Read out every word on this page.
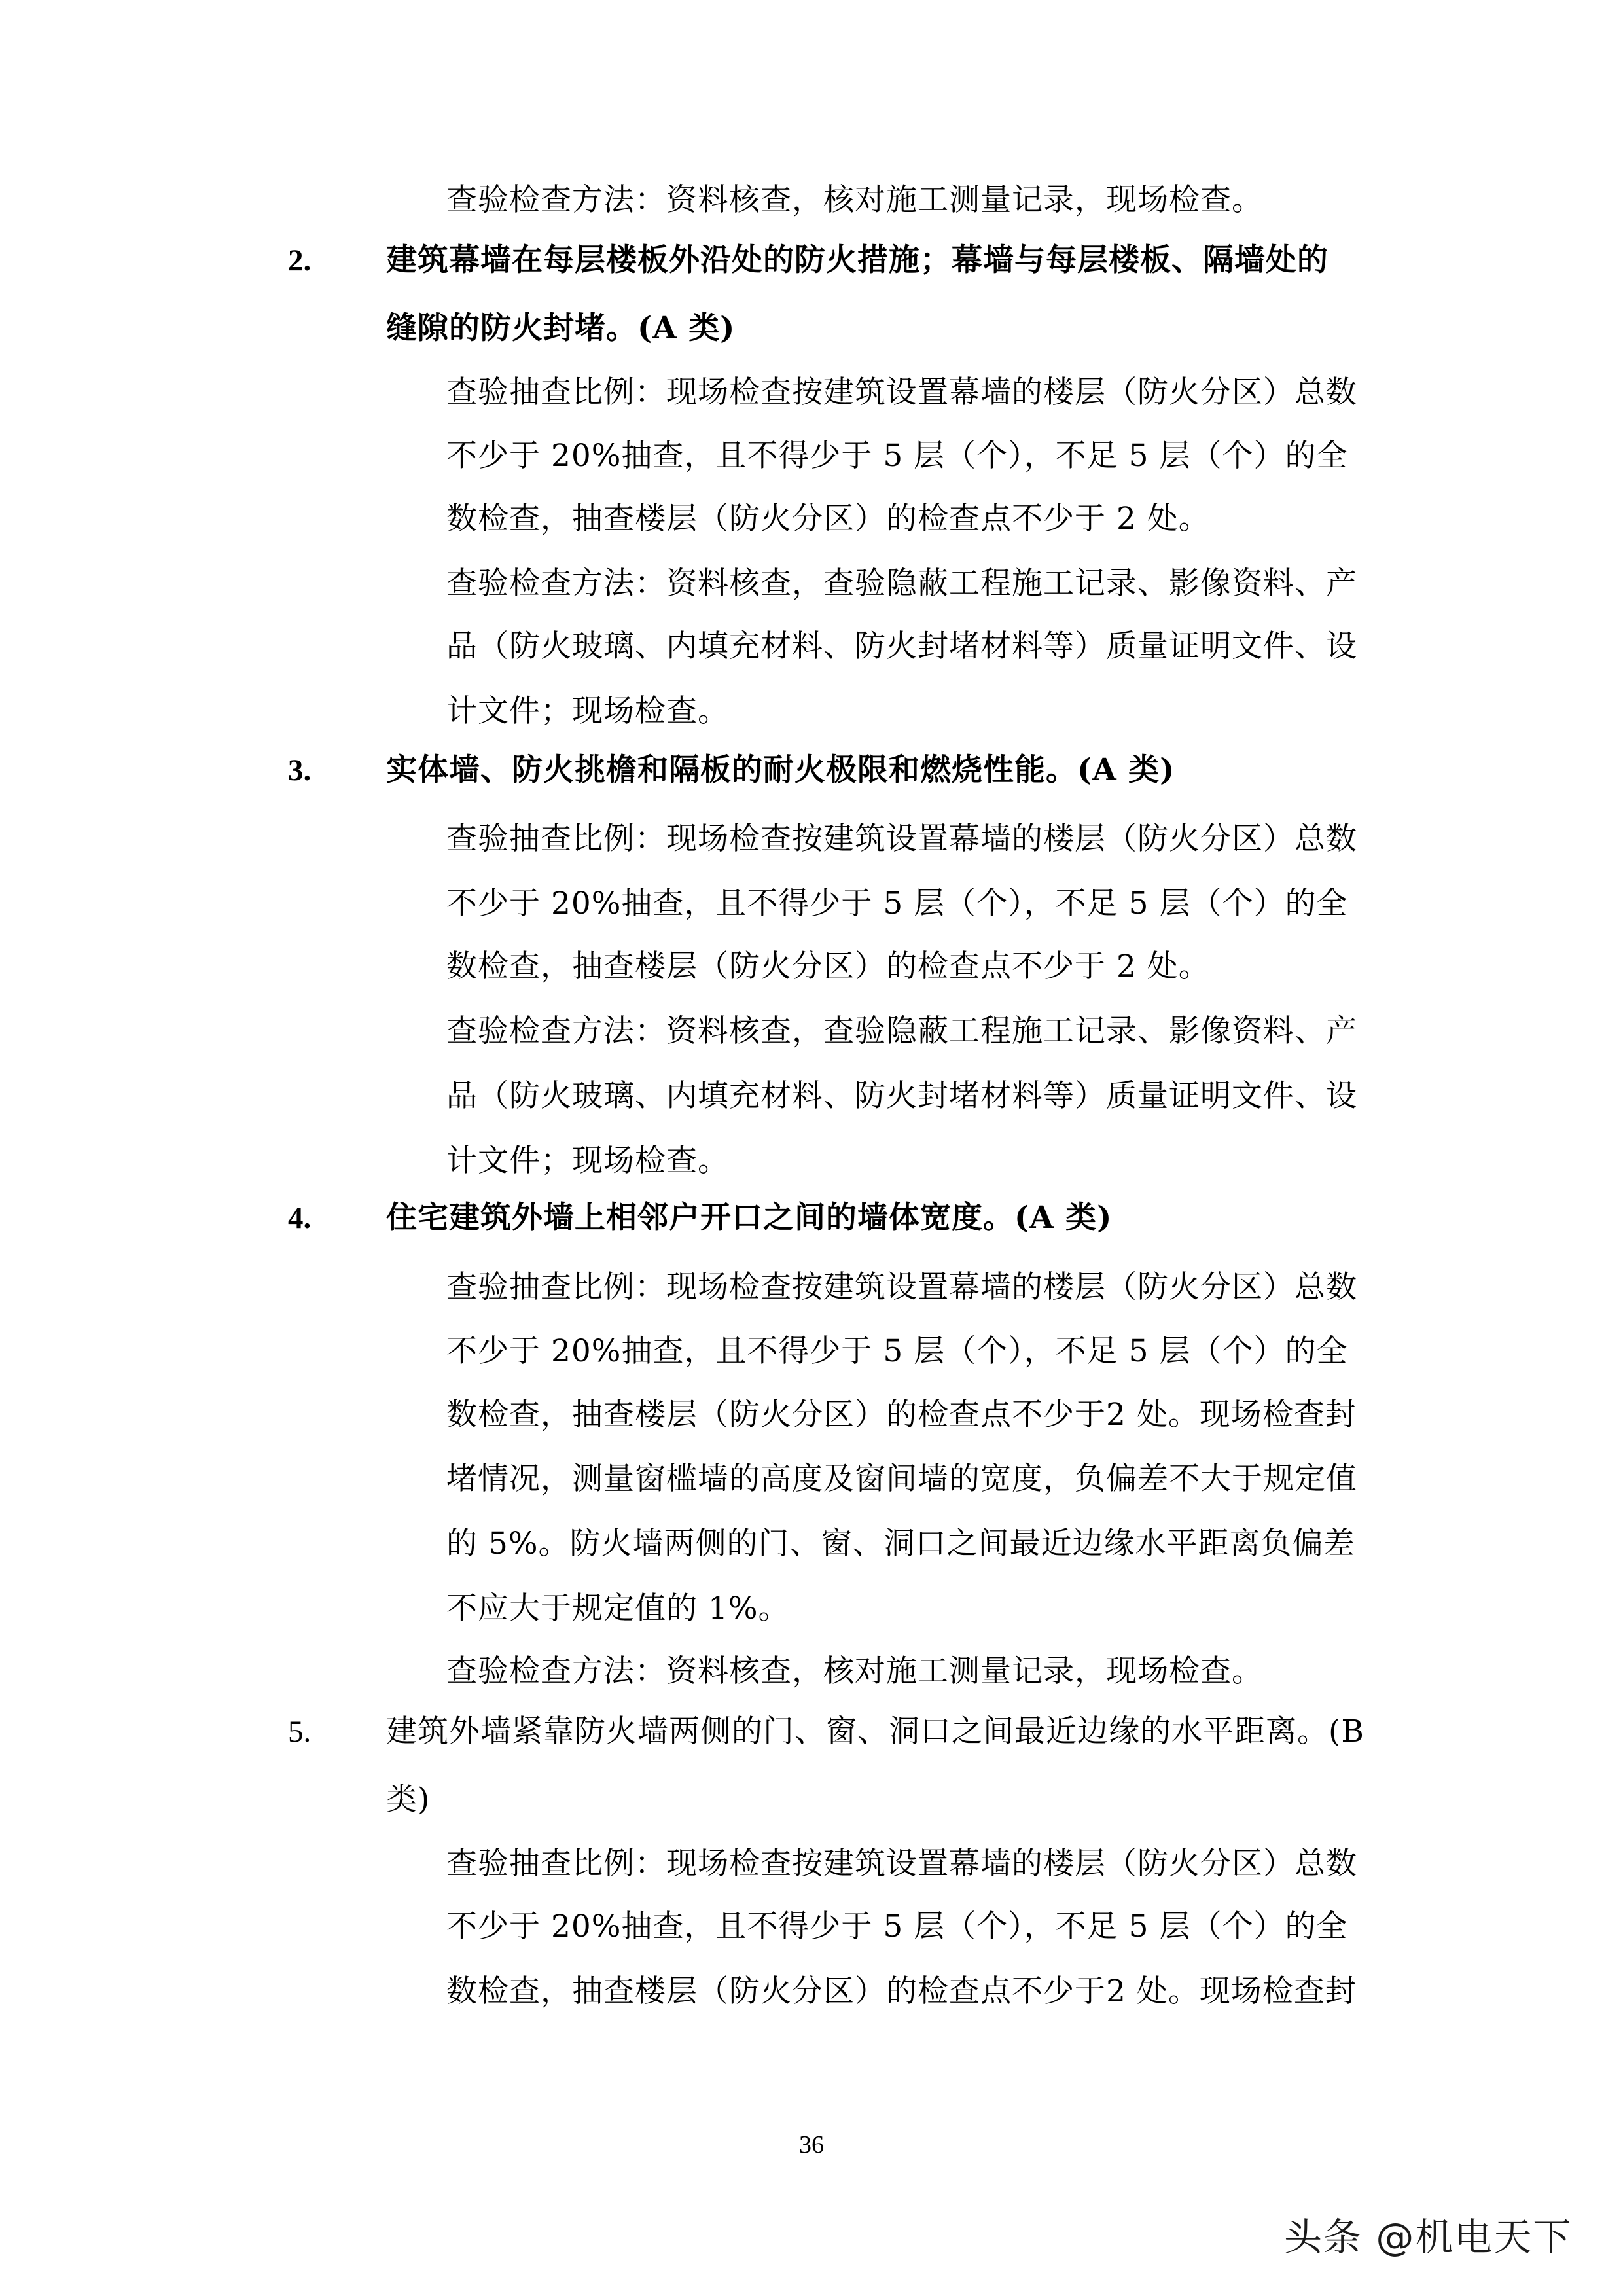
查验检查方法：资料核查，核对施工测量记录，现场检查。
2. 建筑幕墙在每层楼板外沿处的防火措施；幕墙与每层楼板、隔墙处的
缝隙的防火封堵。(A 类)
查验抽查比例：现场检查按建筑设置幕墙的楼层（防火分区）总数
不少于 20%抽查，且不得少于 5 层（个），不足 5 层（个）的全
数检查，抽查楼层（防火分区）的检查点不少于 2 处。
查验检查方法：资料核查，查验隐蔽工程施工记录、影像资料、产
品（防火玻璃、内填充材料、防火封堵材料等）质量证明文件、设
计文件；现场检查。
3. 实体墙、防火挑檐和隔板的耐火极限和燃烧性能。(A 类)
查验抽查比例：现场检查按建筑设置幕墙的楼层（防火分区）总数
不少于 20%抽查，且不得少于 5 层（个），不足 5 层（个）的全
数检查，抽查楼层（防火分区）的检查点不少于 2 处。
查验检查方法：资料核查，查验隐蔽工程施工记录、影像资料、产
品（防火玻璃、内填充材料、防火封堵材料等）质量证明文件、设
计文件；现场检查。
4. 住宅建筑外墙上相邻户开口之间的墙体宽度。(A 类)
查验抽查比例：现场检查按建筑设置幕墙的楼层（防火分区）总数
不少于 20%抽查，且不得少于 5 层（个），不足 5 层（个）的全
数检查，抽查楼层（防火分区）的检查点不少于2 处。现场检查封
堵情况，测量窗槛墙的高度及窗间墙的宽度，负偏差不大于规定值
的 5%。防火墙两侧的门、窗、洞口之间最近边缘水平距离负偏差
不应大于规定值的 1%。
查验检查方法：资料核查，核对施工测量记录，现场检查。
5. 建筑外墙紧靠防火墙两侧的门、窗、洞口之间最近边缘的水平距离。(B
类)
查验抽查比例：现场检查按建筑设置幕墙的楼层（防火分区）总数
不少于 20%抽查，且不得少于 5 层（个），不足 5 层（个）的全
数检查，抽查楼层（防火分区）的检查点不少于2 处。现场检查封
36
头条 @机电天下
